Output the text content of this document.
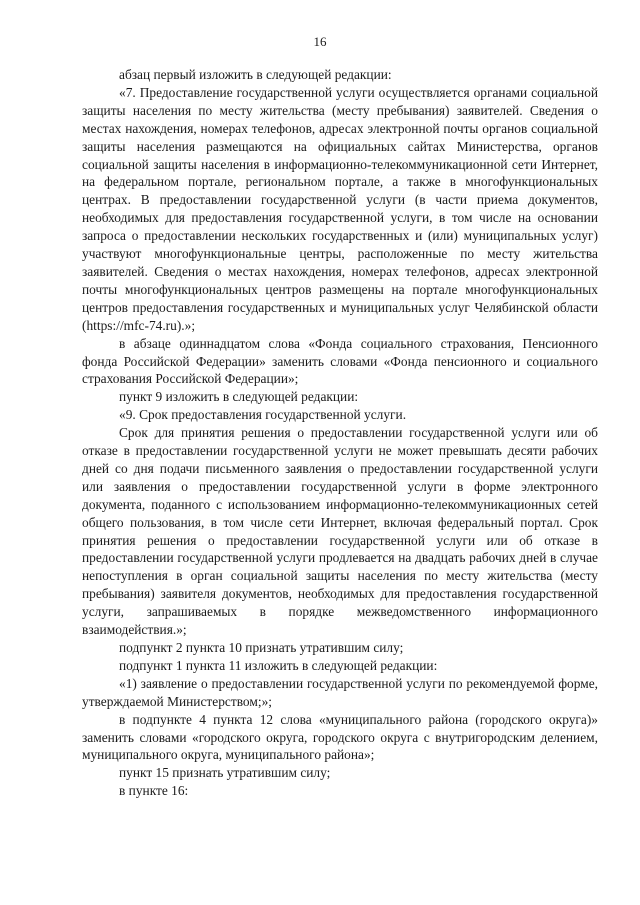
16

абзац первый изложить в следующей редакции:

«7. Предоставление государственной услуги осуществляется органами социальной защиты населения по месту жительства (месту пребывания) заявителей. Сведения о местах нахождения, номерах телефонов, адресах электронной почты органов социальной защиты населения размещаются на официальных сайтах Министерства, органов социальной защиты населения в информационно-телекоммуникационной сети Интернет, на федеральном портале, региональном портале, а также в многофункциональных центрах. В предоставлении государственной услуги (в части приема документов, необходимых для предоставления государственной услуги, в том числе на основании запроса о предоставлении нескольких государственных и (или) муниципальных услуг) участвуют многофункциональные центры, расположенные по месту жительства заявителей. Сведения о местах нахождения, номерах телефонов, адресах электронной почты многофункциональных центров размещены на портале многофункциональных центров предоставления государственных и муниципальных услуг Челябинской области (https://mfc-74.ru).»;

в абзаце одиннадцатом слова «Фонда социального страхования, Пенсионного фонда Российской Федерации» заменить словами «Фонда пенсионного и социального страхования Российской Федерации»;

пункт 9 изложить в следующей редакции:

«9. Срок предоставления государственной услуги.

Срок для принятия решения о предоставлении государственной услуги или об отказе в предоставлении государственной услуги не может превышать десяти рабочих дней со дня подачи письменного заявления о предоставлении государственной услуги или заявления о предоставлении государственной услуги в форме электронного документа, поданного с использованием информационно-телекоммуникационных сетей общего пользования, в том числе сети Интернет, включая федеральный портал. Срок принятия решения о предоставлении государственной услуги или об отказе в предоставлении государственной услуги продлевается на двадцать рабочих дней в случае непоступления в орган социальной защиты населения по месту жительства (месту пребывания) заявителя документов, необходимых для предоставления государственной услуги, запрашиваемых в порядке межведомственного информационного взаимодействия.»;

подпункт 2 пункта 10 признать утратившим силу;

подпункт 1 пункта 11 изложить в следующей редакции:

«1) заявление о предоставлении государственной услуги по рекомендуемой форме, утверждаемой Министерством;»;

в подпункте 4 пункта 12 слова «муниципального района (городского округа)» заменить словами «городского округа, городского округа с внутригородским делением, муниципального округа, муниципального района»;

пункт 15 признать утратившим силу;

в пункте 16:
